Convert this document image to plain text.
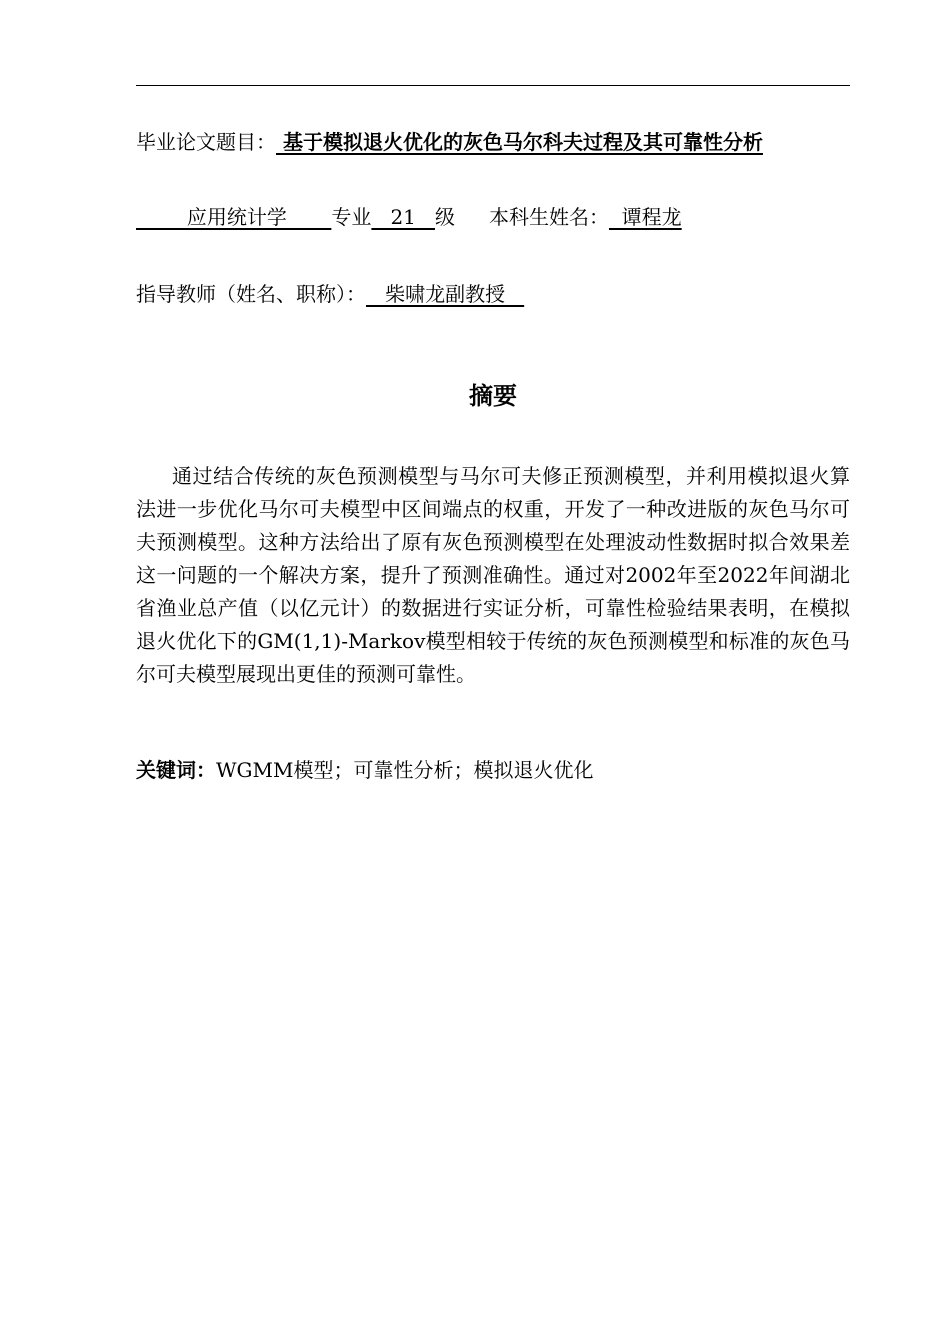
毕业论文题目： 基于模拟退火优化的灰色马尔科夫过程及其可靠性分析
应用统计学       专业   21   级 本科生姓名：  谭程龙
指导教师（姓名、职称）：   柴啸龙副教授
摘要

通过结合传统的灰色预测模型与马尔可夫修正预测模型，并利用模拟退火算法进一步优化马尔可夫模型中区间端点的权重，开发了一种改进版的灰色马尔可夫预测模型。这种方法给出了原有灰色预测模型在处理波动性数据时拟合效果差这一问题的一个解决方案，提升了预测准确性。通过对2002年至2022年间湖北省渔业总产值（以亿元计）的数据进行实证分析，可靠性检验结果表明，在模拟退火优化下的GM(1,1)-Markov模型相较于传统的灰色预测模型和标准的灰色马尔可夫模型展现出更佳的预测可靠性。

关键词：WGMM模型；可靠性分析；模拟退火优化
